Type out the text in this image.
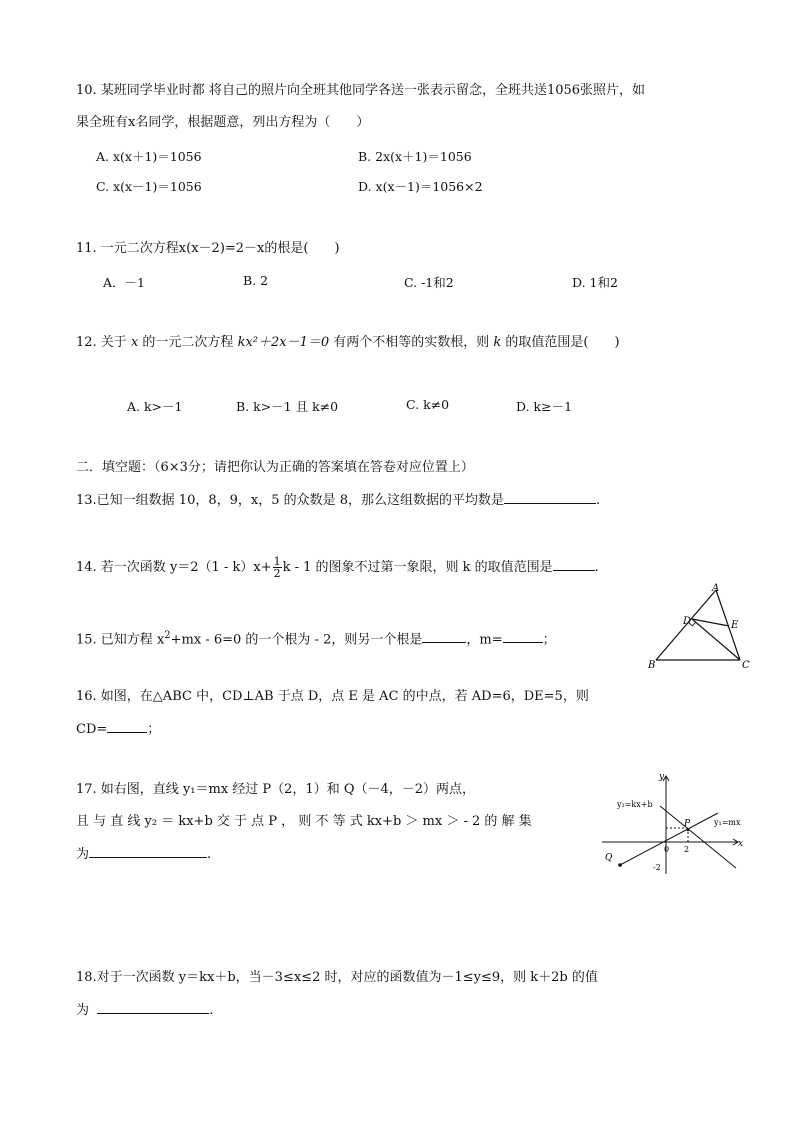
10. 某班同学毕业时都 将自己的照片向全班其他同学各送一张表示留念，全班共送1056张照片，如
果全班有x名同学，根据题意，列出方程为（　　）
A. x(x＋1)＝1056	B. 2x(x＋1)＝1056
C. x(x－1)＝1056	D. x(x－1)＝1056×2
11. 一元二次方程x(x－2)=2－x的根是(　　)
A．－1	B. 2	C. -1和2	D. 1和2
12. 关于 x 的一元二次方程 kx²＋2x－1＝0 有两个不相等的实数根，则 k 的取值范围是(　　)
A. k>－1	B. k>－1 且 k≠0	C. k≠0	D. k≥－1
二．填空题：（6×3分；请把你认为正确的答案填在答卷对应位置上）
13.已知一组数据 10，8，9，x，5 的众数是 8，那么这组数据的平均数是	.
14. 若一次函数 $y=2(1 - k)x+ \frac{1}{2}$ k - 1 的图象不过第一象限，则 k 的取值范围是	.
15. 已知方程 $x^2+mx - 6=0$ 的一个根为 - 2，则另一个根是	，m=	；
A
B	C
D	E
16. 如图，在△ABC 中，CD⊥AB 于点 D，点 E 是 AC 的中点，若 AD=6，DE=5，则
CD=	；
17. 如右图，直线 y₁＝mx 经过 P（2，1）和 Q（－4，－2）两点，
且 与 直 线 y₂ ＝ kx+b 交 于 点 P ， 则 不 等 式 kx+b ＞ mx ＞ - 2 的 解 集
为	.
y
x
y₂=kx+b
y₁=mx
P
Q
0 2
-2
18.对于一次函数 y＝kx＋b，当－3≤x≤2 时，对应的函数值为－1≤y≤9，则 k＋2b 的值
为	.
